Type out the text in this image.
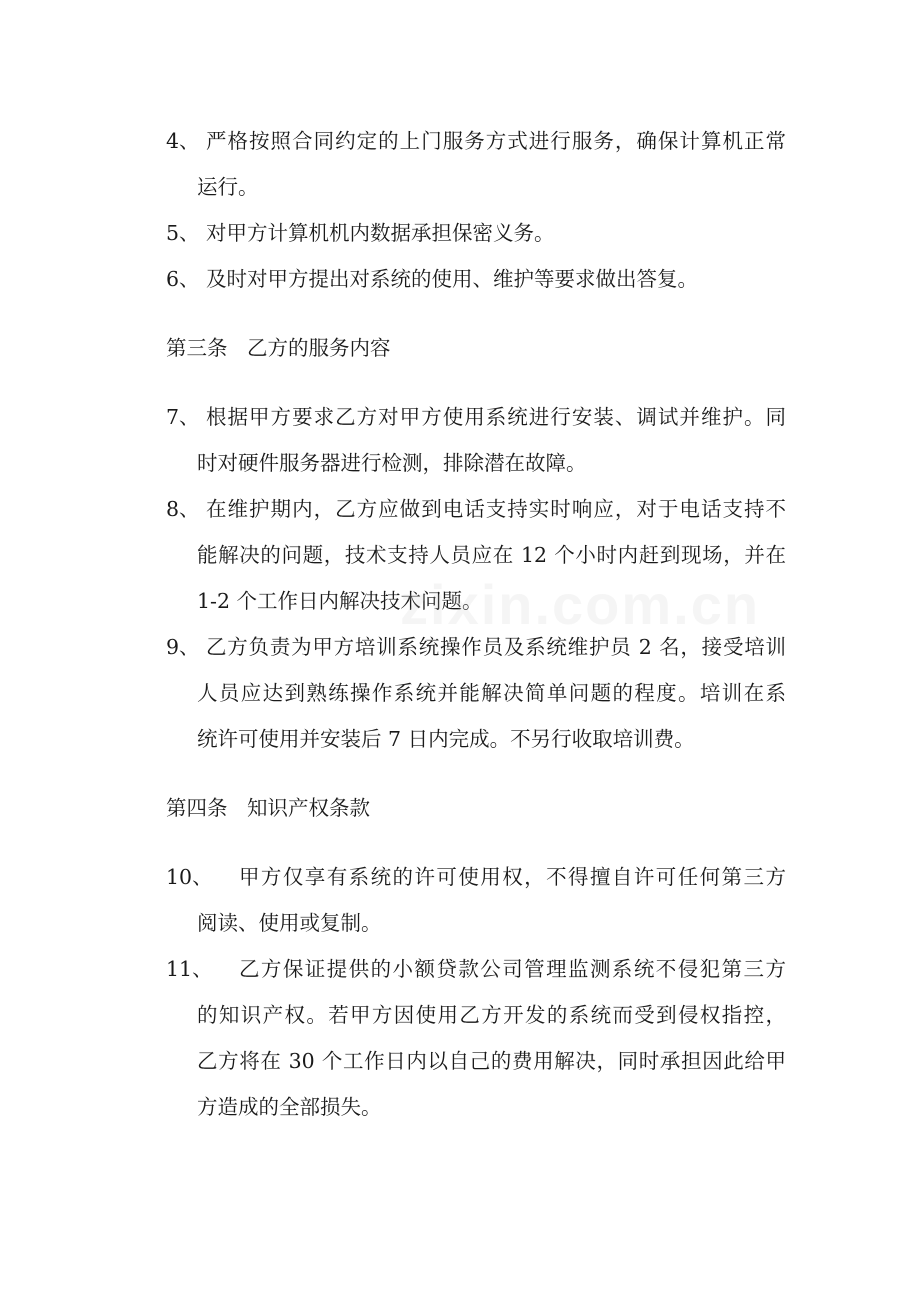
4、 严格按照合同约定的上门服务方式进行服务，确保计算机正常
运行。
5、 对甲方计算机机内数据承担保密义务。
6、 及时对甲方提出对系统的使用、维护等要求做出答复。
第三条   乙方的服务内容
7、 根据甲方要求乙方对甲方使用系统进行安装、调试并维护。同
时对硬件服务器进行检测，排除潜在故障。
8、 在维护期内，乙方应做到电话支持实时响应，对于电话支持不
能解决的问题，技术支持人员应在 12 个小时内赶到现场，并在
1-2 个工作日内解决技术问题。
9、 乙方负责为甲方培训系统操作员及系统维护员 2 名，接受培训
人员应达到熟练操作系统并能解决简单问题的程度。培训在系
统许可使用并安装后 7 日内完成。不另行收取培训费。
第四条   知识产权条款
10、 甲方仅享有系统的许可使用权，不得擅自许可任何第三方
阅读、使用或复制。
11、 乙方保证提供的小额贷款公司管理监测系统不侵犯第三方
的知识产权。若甲方因使用乙方开发的系统而受到侵权指控，
乙方将在 30 个工作日内以自己的费用解决，同时承担因此给甲
方造成的全部损失。
zixin.com.cn
